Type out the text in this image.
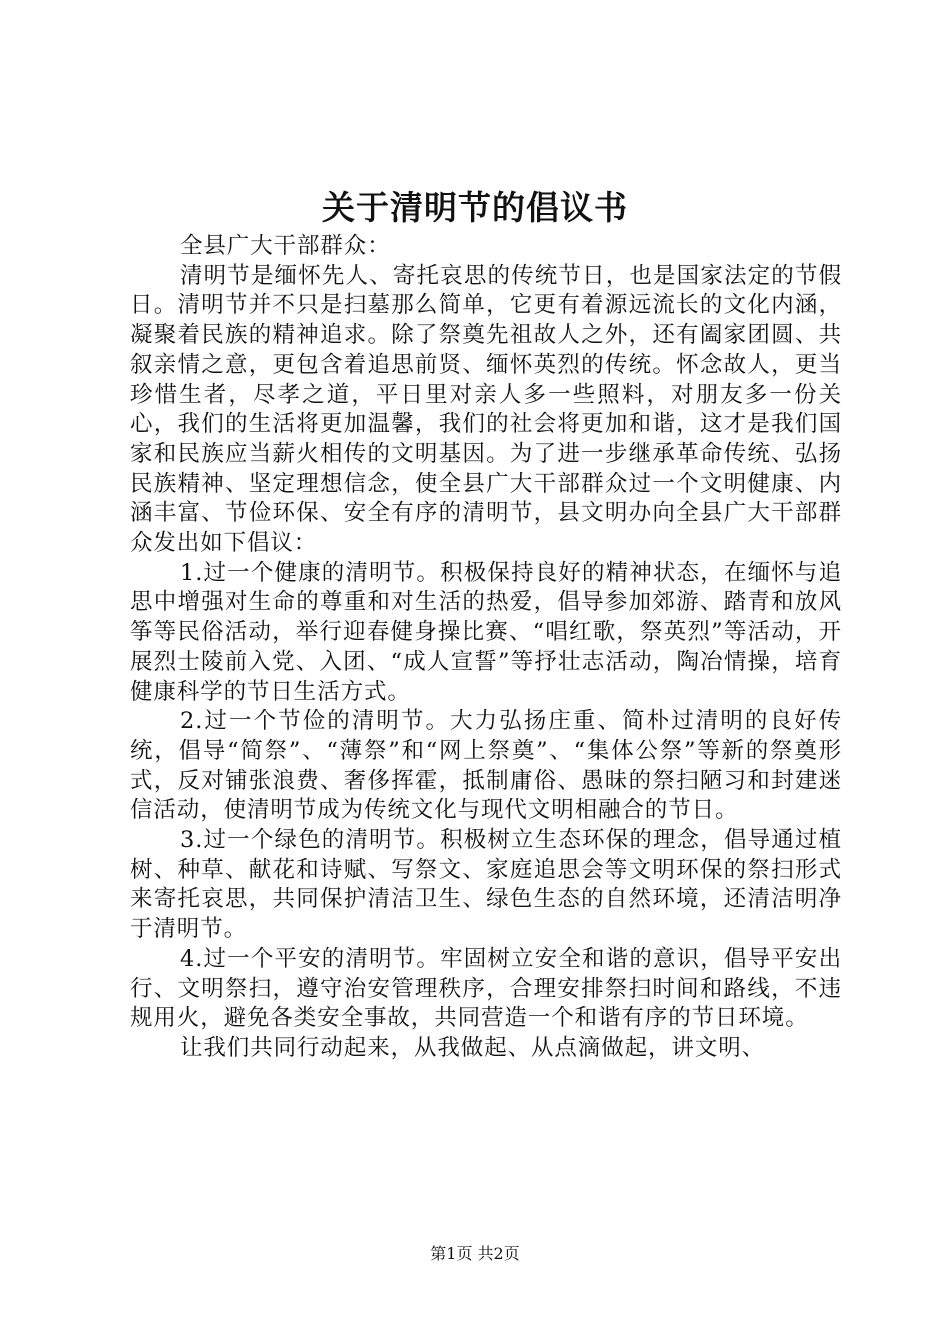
关于清明节的倡议书

全县广大干部群众：

清明节是缅怀先人、寄托哀思的传统节日，也是国家法定的节假日。清明节并不只是扫墓那么简单，它更有着源远流长的文化内涵，凝聚着民族的精神追求。除了祭奠先祖故人之外，还有阖家团圆、共叙亲情之意，更包含着追思前贤、缅怀英烈的传统。怀念故人，更当珍惜生者，尽孝之道，平日里对亲人多一些照料，对朋友多一份关心，我们的生活将更加温馨，我们的社会将更加和谐，这才是我们国家和民族应当薪火相传的文明基因。为了进一步继承革命传统、弘扬民族精神、坚定理想信念，使全县广大干部群众过一个文明健康、内涵丰富、节俭环保、安全有序的清明节，县文明办向全县广大干部群众发出如下倡议：

1.过一个健康的清明节。积极保持良好的精神状态，在缅怀与追思中增强对生命的尊重和对生活的热爱，倡导参加郊游、踏青和放风筝等民俗活动，举行迎春健身操比赛、“唱红歌，祭英烈”等活动，开展烈士陵前入党、入团、“成人宣誓”等抒壮志活动，陶冶情操，培育健康科学的节日生活方式。

2.过一个节俭的清明节。大力弘扬庄重、简朴过清明的良好传统，倡导“简祭”、“薄祭”和“网上祭奠”、“集体公祭”等新的祭奠形式，反对铺张浪费、奢侈挥霍，抵制庸俗、愚昧的祭扫陋习和封建迷信活动，使清明节成为传统文化与现代文明相融合的节日。

3.过一个绿色的清明节。积极树立生态环保的理念，倡导通过植树、种草、献花和诗赋、写祭文、家庭追思会等文明环保的祭扫形式来寄托哀思，共同保护清洁卫生、绿色生态的自然环境，还清洁明净于清明节。

4.过一个平安的清明节。牢固树立安全和谐的意识，倡导平安出行、文明祭扫，遵守治安管理秩序，合理安排祭扫时间和路线，不违规用火，避免各类安全事故，共同营造一个和谐有序的节日环境。

让我们共同行动起来，从我做起、从点滴做起，讲文明、

第1页 共2页
